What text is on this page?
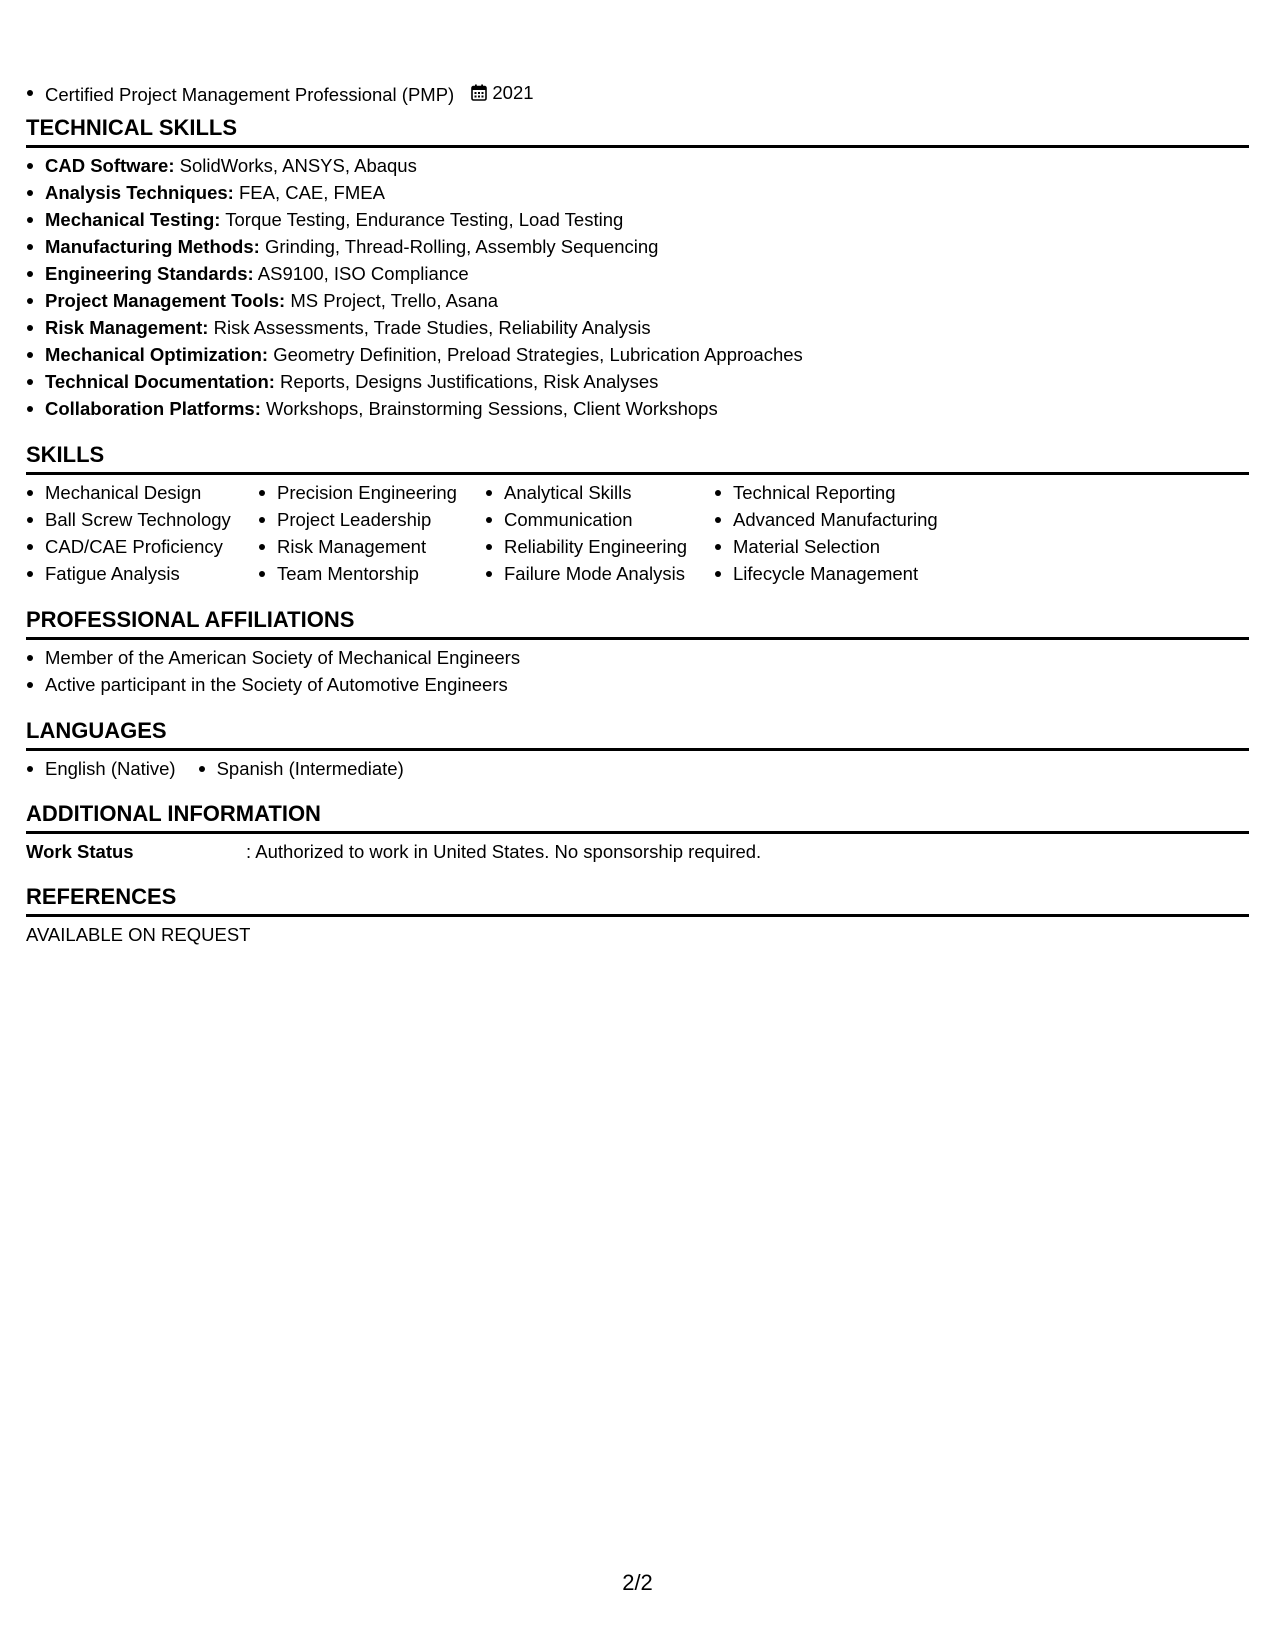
Certified Project Management Professional (PMP) 2021
TECHNICAL SKILLS
CAD Software: SolidWorks, ANSYS, Abaqus
Analysis Techniques: FEA, CAE, FMEA
Mechanical Testing: Torque Testing, Endurance Testing, Load Testing
Manufacturing Methods: Grinding, Thread-Rolling, Assembly Sequencing
Engineering Standards: AS9100, ISO Compliance
Project Management Tools: MS Project, Trello, Asana
Risk Management: Risk Assessments, Trade Studies, Reliability Analysis
Mechanical Optimization: Geometry Definition, Preload Strategies, Lubrication Approaches
Technical Documentation: Reports, Designs Justifications, Risk Analyses
Collaboration Platforms: Workshops, Brainstorming Sessions, Client Workshops
SKILLS
Mechanical Design
Ball Screw Technology
CAD/CAE Proficiency
Fatigue Analysis
Precision Engineering
Project Leadership
Risk Management
Team Mentorship
Analytical Skills
Communication
Reliability Engineering
Failure Mode Analysis
Technical Reporting
Advanced Manufacturing
Material Selection
Lifecycle Management
PROFESSIONAL AFFILIATIONS
Member of the American Society of Mechanical Engineers
Active participant in the Society of Automotive Engineers
LANGUAGES
English (Native)	Spanish (Intermediate)
ADDITIONAL INFORMATION
Work Status	: Authorized to work in United States. No sponsorship required.
REFERENCES
AVAILABLE ON REQUEST
2/2
